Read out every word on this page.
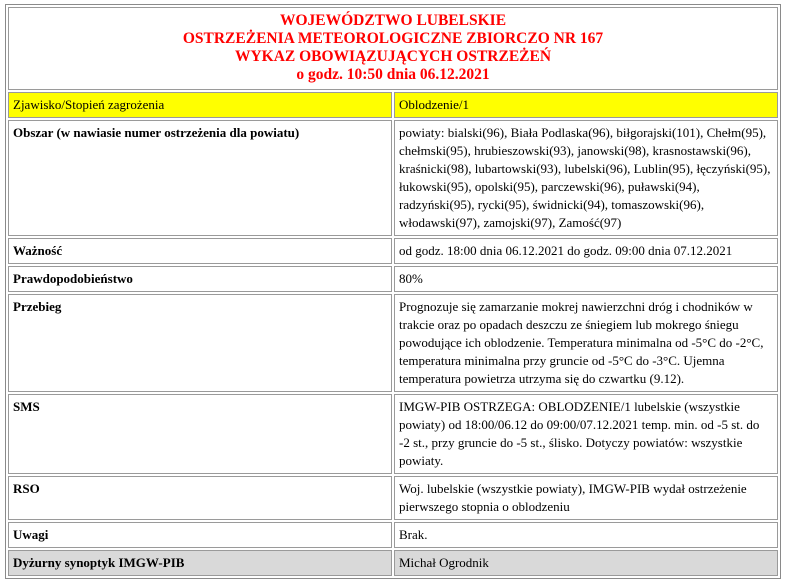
WOJEWÓDZTWO LUBELSKIE
OSTRZEŻENIA METEOROLOGICZNE ZBIORCZO NR 167
WYKAZ OBOWIĄZUJĄCYCH OSTRZEŻEŃ
o godz. 10:50 dnia 06.12.2021	

Zjawisko/Stopień zagrożenia	Oblodzenie/1
Obszar (w nawiasie numer ostrzeżenia dla powiatu)	powiaty: bialski(96), Biała Podlaska(96), biłgorajski(101), Chełm(95), chełmski(95), hrubieszowski(93), janowski(98), krasnostawski(96), kraśnicki(98), lubartowski(93), lubelski(96), Lublin(95), łęczyński(95), łukowski(95), opolski(95), parczewski(96), puławski(94), radzyński(95), rycki(95), świdnicki(94), tomaszowski(96), włodawski(97), zamojski(97), Zamość(97)
Ważność	od godz. 18:00 dnia 06.12.2021 do godz. 09:00 dnia 07.12.2021
Prawdopodobieństwo	80%
Przebieg	Prognozuje się zamarzanie mokrej nawierzchni dróg i chodników w trakcie oraz po opadach deszczu ze śniegiem lub mokrego śniegu powodujące ich oblodzenie. Temperatura minimalna od -5°C do -2°C, temperatura minimalna przy gruncie od -5°C do -3°C. Ujemna temperatura powietrza utrzyma się do czwartku (9.12).
SMS	IMGW-PIB OSTRZEGA: OBLODZENIE/1 lubelskie (wszystkie powiaty) od 18:00/06.12 do 09:00/07.12.2021 temp. min. od -5 st. do -2 st., przy gruncie do -5 st., ślisko. Dotyczy powiatów: wszystkie powiaty.
RSO	Woj. lubelskie (wszystkie powiaty), IMGW-PIB wydał ostrzeżenie pierwszego stopnia o oblodzeniu
Uwagi	Brak.
Dyżurny synoptyk IMGW-PIB	Michał Ogrodnik
